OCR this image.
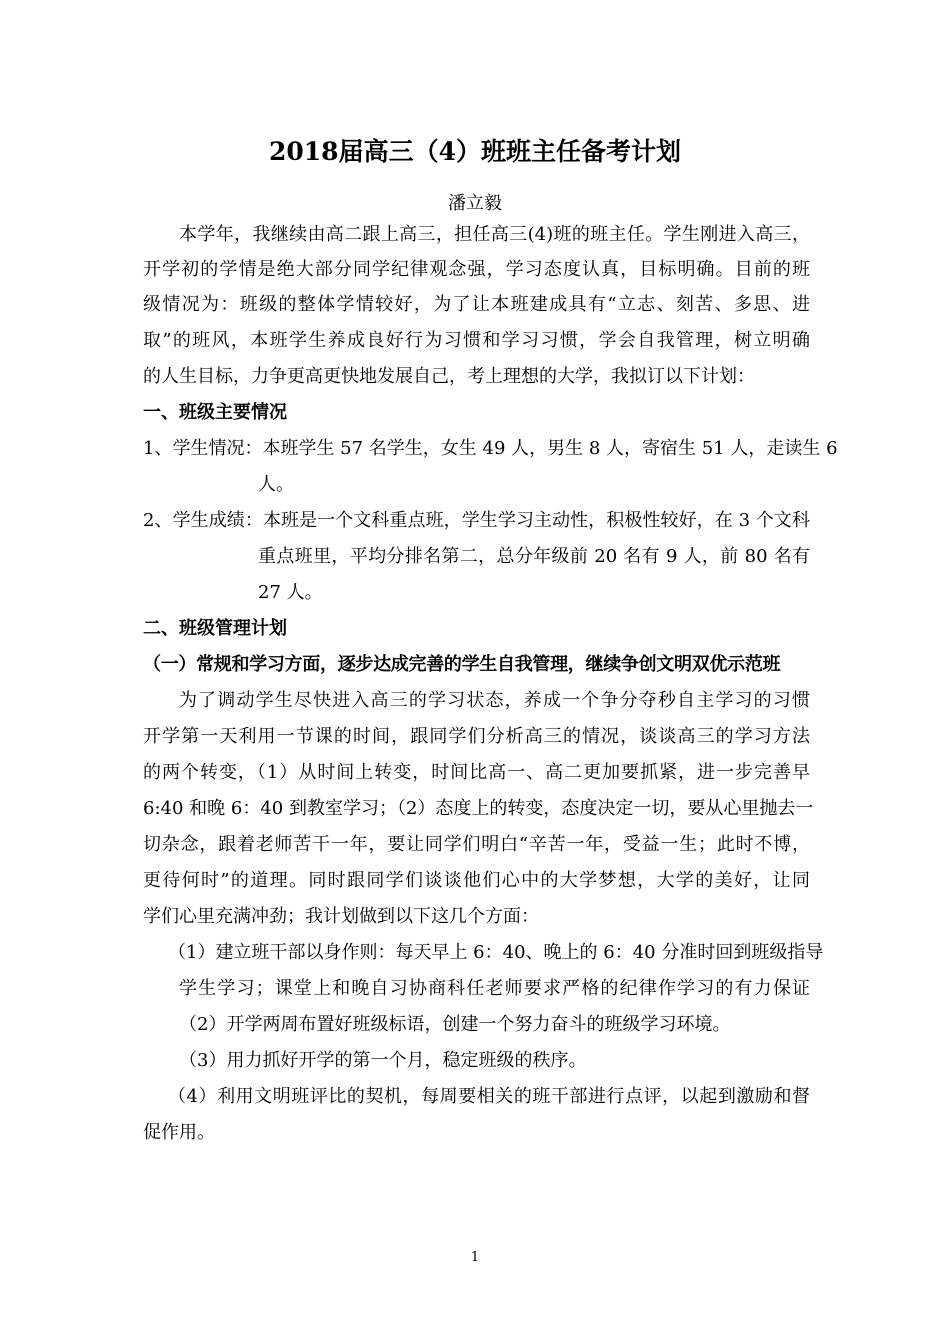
2018届高三（4）班班主任备考计划
潘立毅
本学年，我继续由高二跟上高三，担任高三(4)班的班主任。学生刚进入高三，
开学初的学情是绝大部分同学纪律观念强，学习态度认真，目标明确。目前的班
级情况为：班级的整体学情较好，为了让本班建成具有“立志、刻苦、多思、进
取”的班风，本班学生养成良好行为习惯和学习习惯，学会自我管理，树立明确
的人生目标，力争更高更快地发展自己，考上理想的大学，我拟订以下计划：
一、班级主要情况
1、学生情况：本班学生 57 名学生，女生 49 人，男生 8 人，寄宿生 51 人，走读生 6
人。
2、学生成绩：本班是一个文科重点班，学生学习主动性，积极性较好，在 3 个文科
重点班里，平均分排名第二，总分年级前 20 名有 9 人，前 80 名有
27 人。
二、班级管理计划
（一）常规和学习方面，逐步达成完善的学生自我管理，继续争创文明双优示范班
为了调动学生尽快进入高三的学习状态，养成一个争分夺秒自主学习的习惯
开学第一天利用一节课的时间，跟同学们分析高三的情况，谈谈高三的学习方法
的两个转变，（1）从时间上转变，时间比高一、高二更加要抓紧，进一步完善早
6:40 和晚 6：40 到教室学习；（2）态度上的转变，态度决定一切，要从心里抛去一
切杂念，跟着老师苦干一年，要让同学们明白“辛苦一年，受益一生；此时不博，
更待何时”的道理。同时跟同学们谈谈他们心中的大学梦想，大学的美好，让同
学们心里充满冲劲；我计划做到以下这几个方面：
（1）建立班干部以身作则：每天早上 6：40、晚上的 6：40 分准时回到班级指导
学生学习；课堂上和晚自习协商科任老师要求严格的纪律作学习的有力保证
（2）开学两周布置好班级标语，创建一个努力奋斗的班级学习环境。
（3）用力抓好开学的第一个月，稳定班级的秩序。
（4）利用文明班评比的契机，每周要相关的班干部进行点评，以起到激励和督
促作用。
1
